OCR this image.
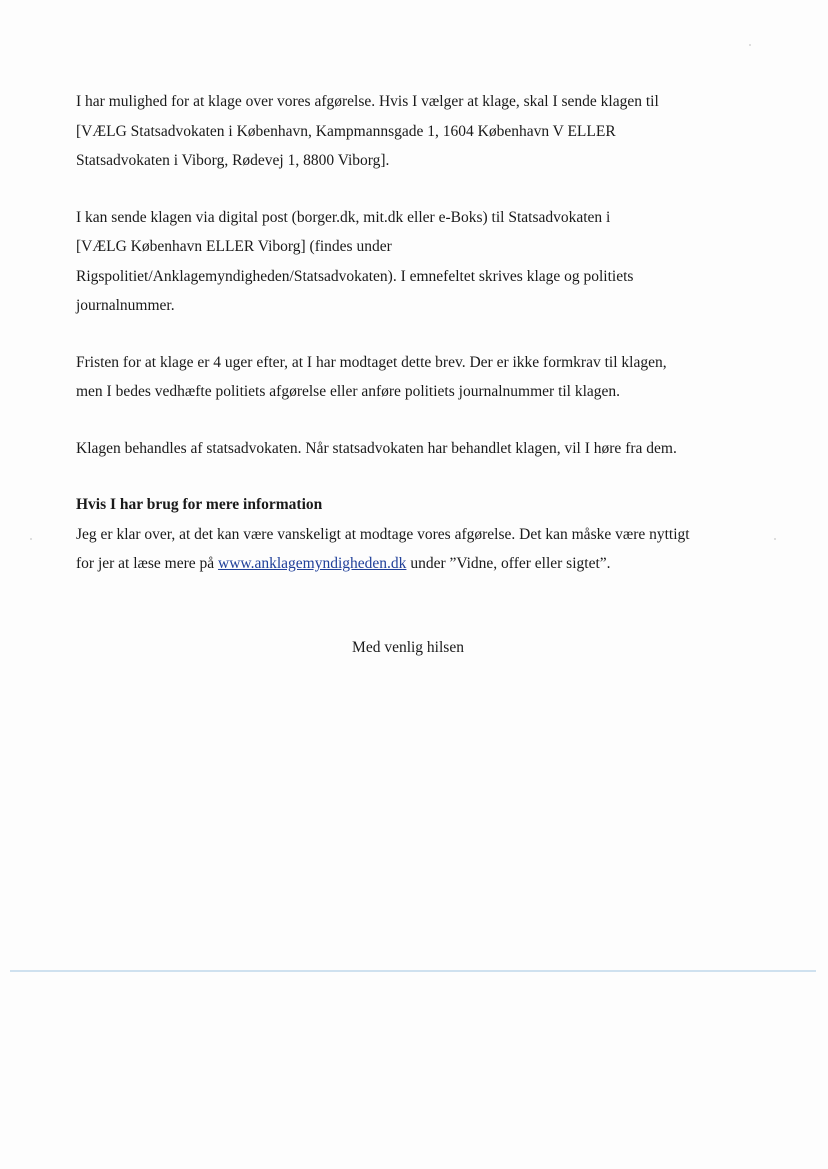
I har mulighed for at klage over vores afgørelse. Hvis I vælger at klage, skal I sende klagen til
[VÆLG Statsadvokaten i København, Kampmannsgade 1, 1604 København V ELLER
Statsadvokaten i Viborg, Rødevej 1, 8800 Viborg].

I kan sende klagen via digital post (borger.dk, mit.dk eller e-Boks) til Statsadvokaten i
[VÆLG København ELLER Viborg] (findes under
Rigspolitiet/Anklagemyndigheden/Statsadvokaten). I emnefeltet skrives klage og politiets
journalnummer.

Fristen for at klage er 4 uger efter, at I har modtaget dette brev. Der er ikke formkrav til klagen,
men I bedes vedhæfte politiets afgørelse eller anføre politiets journalnummer til klagen.

Klagen behandles af statsadvokaten. Når statsadvokaten har behandlet klagen, vil I høre fra dem.

Hvis I har brug for mere information
Jeg er klar over, at det kan være vanskeligt at modtage vores afgørelse. Det kan måske være nyttigt
for jer at læse mere på www.anklagemyndigheden.dk under ”Vidne, offer eller sigtet”.
Med venlig hilsen
